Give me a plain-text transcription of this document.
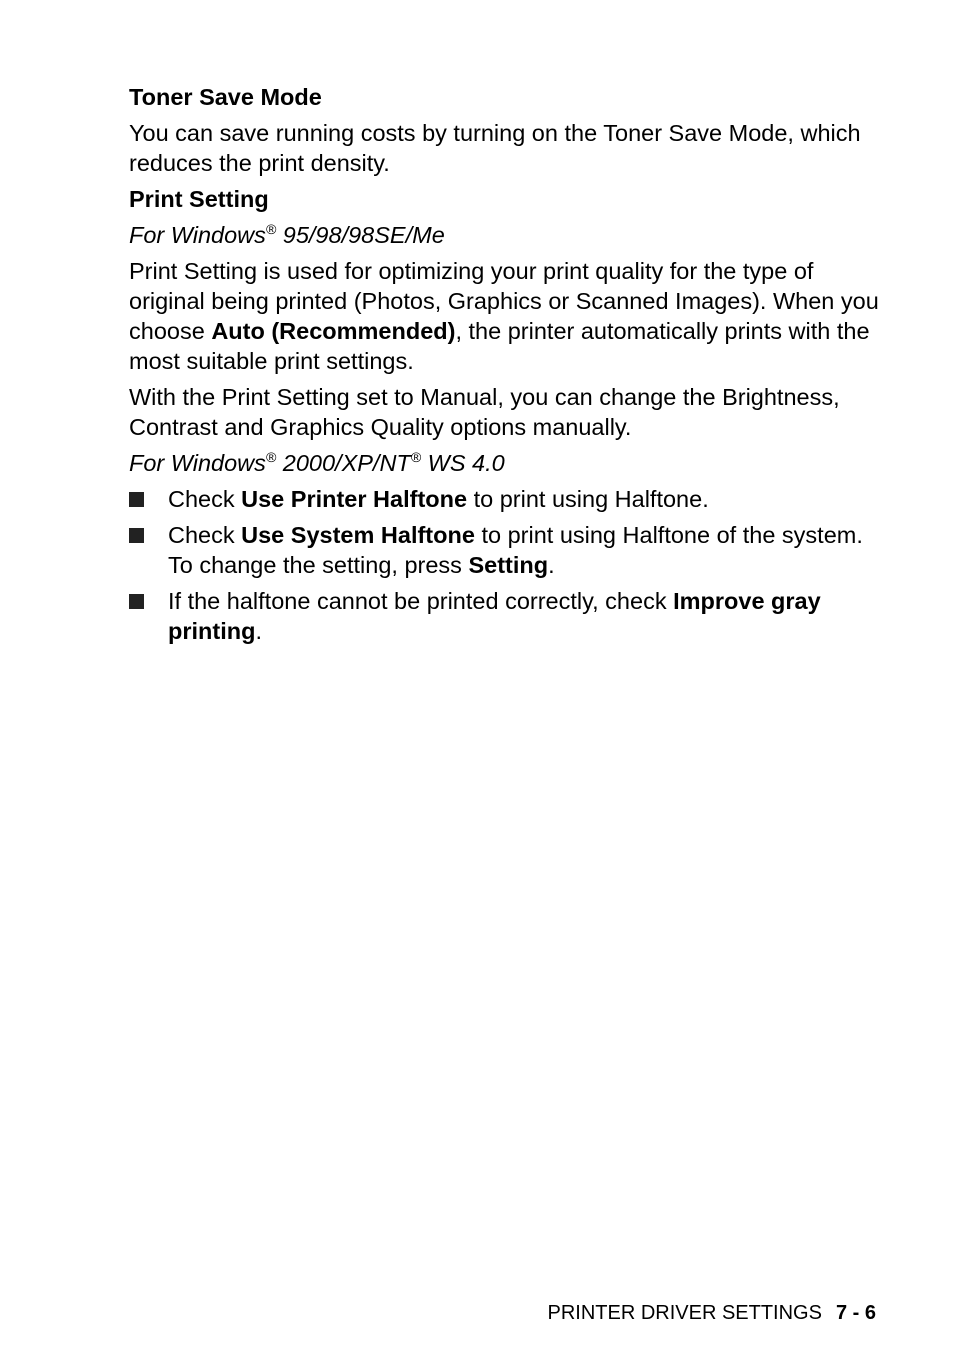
Toner Save Mode
You can save running costs by turning on the Toner Save Mode, which reduces the print density.
Print Setting
For Windows® 95/98/98SE/Me
Print Setting is used for optimizing your print quality for the type of original being printed (Photos, Graphics or Scanned Images). When you choose Auto (Recommended), the printer automatically prints with the most suitable print settings.
With the Print Setting set to Manual, you can change the Brightness, Contrast and Graphics Quality options manually.
For Windows® 2000/XP/NT® WS 4.0
Check Use Printer Halftone to print using Halftone.
Check Use System Halftone to print using Halftone of the system. To change the setting, press Setting.
If the halftone cannot be printed correctly, check Improve gray printing.
PRINTER DRIVER SETTINGS 7 - 6
